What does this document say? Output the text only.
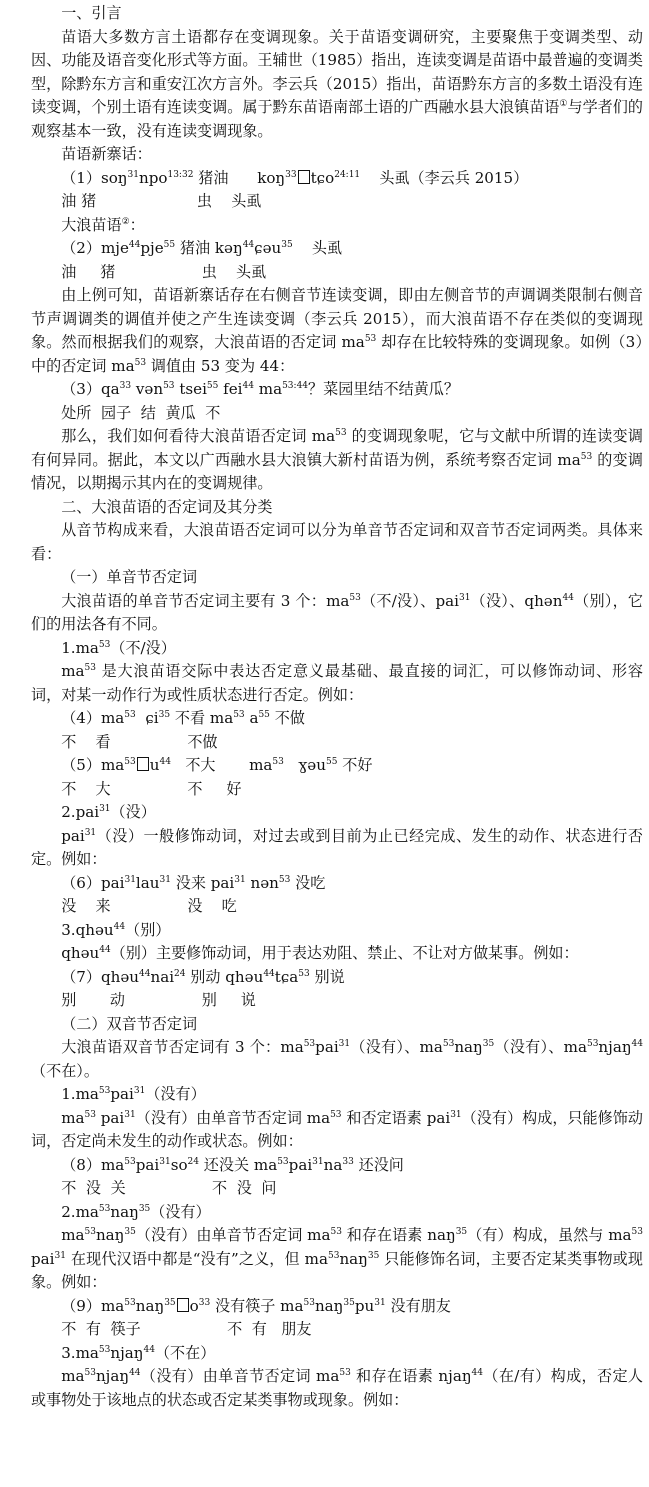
一、引言

苗语大多数方言土语都存在变调现象。关于苗语变调研究，主要聚焦于变调类型、动因、功能及语音变化形式等方面。王辅世（1985）指出，连读变调是苗语中最普遍的变调类型，除黔东方言和重安江次方言外。李云兵（2015）指出，苗语黔东方言的多数土语没有连读变调，个别土语有连读变调。属于黔东苗语南部土语的广西融水县大浪镇苗语①与学者们的观察基本一致，没有连读变调现象。

苗语新寨话：

（1）soŋ$^{31}$npo$^{13:32}$ 猪油      koŋ$^{33}$ tɕo$^{24:11}$    头虱（李云兵 2015）

油 猪                     虫    头虱

大浪苗语②：

（2）mje$^{44}$pje$^{55}$ 猪油 kəŋ$^{44}$ɕəu$^{35}$    头虱

油     猪                  虫    头虱

由上例可知，苗语新寨话存在右侧音节连读变调，即由左侧音节的声调调类限制右侧音节声调调类的调值并使之产生连读变调（李云兵 2015），而大浪苗语不存在类似的变调现象。然而根据我们的观察，大浪苗语的否定词 $ma^{53}$ 却存在比较特殊的变调现象。如例（3）中的否定词 $ma^{53}$ 调值由 53 变为 44：

$(3)qa^{33}$ vən$^{53}$ tsei$^{55}$ fei$^{44}$ $ma^{53:44}$？菜园里结不结黄瓜？

处所  园子  结  黄瓜  不

那么，我们如何看待大浪苗语否定词 $ma^{53}$ 的变调现象呢，它与文献中所谓的连读变调有何异同。据此，本文以广西融水县大浪镇大新村苗语为例，系统考察否定词 $ma^{53}$ 的变调情况，以期揭示其内在的变调规律。

二、大浪苗语的否定词及其分类

从音节构成来看，大浪苗语否定词可以分为单音节否定词和双音节否定词两类。具体来看：

（一）单音节否定词

大浪苗语的单音节否定词主要有 3 个：$ma^{53}$（不/没）、pai$^{31}$（没）、qhən$^{44}$（别），它们的用法各有不同。

$1.ma^{53}$（不/没）

$ma^{53}$ 是大浪苗语交际中表达否定意义最基础、最直接的词汇，可以修饰动词、形容词，对某一动作行为或性质状态进行否定。例如：

$(4)ma^{53}$  ɕi$^{35}$ 不看 $ma^{53}$ $a^{55}$ 不做

不    看                不做

$(5)ma^{53}$ $u^{44}$   不大       $ma^{53}$   ɣəu$^{55}$ 不好

不    大                不     好

2.pai$^{31}$（没）

pai$^{31}$（没）一般修饰动词，对过去或到目前为止已经完成、发生的动作、状态进行否定。例如：

（6）pai$^{31}$lau$^{31}$ 没来 pai$^{31}$ nən$^{53}$ 没吃

没    来                没    吃

3.qhəu$^{44}$（别）

qhəu$^{44}$（别）主要修饰动词，用于表达劝阻、禁止、不让对方做某事。例如：

（7）qhəu$^{44}$nai$^{24}$ 别动 qhəu$^{44}$tɕa$^{53}$ 别说

别       动                别     说

（二）双音节否定词

大浪苗语双音节否定词有 3 个：$ma^{53}pai^{31}$（没有）、$ma^{53}naŋ^{35}$（没有）、$ma^{53}njaŋ^{44}$（不在）。

$1.ma^{53}pai^{31}$（没有）

$ma^{53}$ pai$^{31}$（没有）由单音节否定词 $ma^{53}$ 和否定语素 pai$^{31}$（没有）构成，只能修饰动词，否定尚未发生的动作或状态。例如：

$(8)ma^{53}pai^{31}so^{24}$ 还没关 $ma^{53}pai^{31}na^{33}$ 还没问

不  没  关                  不  没  问

$2.ma^{53}naŋ^{35}$（没有）

$ma^{53}naŋ^{35}$（没有）由单音节否定词 $ma^{53}$ 和存在语素 naŋ$^{35}$（有）构成，虽然与 $ma^{53}$ pai$^{31}$ 在现代汉语中都是“没有”之义，但 $ma^{53}naŋ^{35}$ 只能修饰名词，主要否定某类事物或现象。例如：

$(9)ma^{53}naŋ^{35}$ $o^{33}$ 没有筷子 $ma^{53}naŋ^{35}pu^{31}$ 没有朋友

不  有  筷子                  不  有   朋友

$3.ma^{53}njaŋ^{44}$（不在）

$ma^{53}njaŋ^{44}$（没有）由单音节否定词 $ma^{53}$ 和存在语素 njaŋ$^{44}$（在/有）构成，否定人或事物处于该地点的状态或否定某类事物或现象。例如：
